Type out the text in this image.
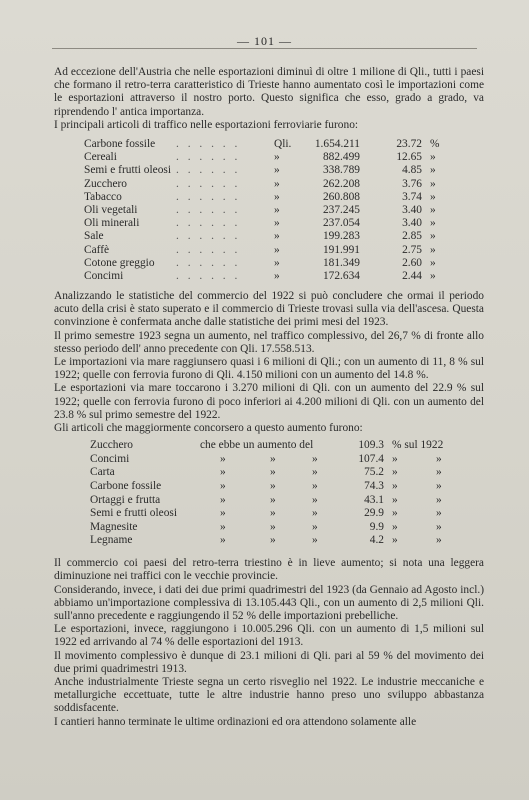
— 101 —

Ad eccezione dell'Austria che nelle esportazioni diminuì di oltre 1 milione di Qli., tutti i paesi che formano il retro-terra caratteristico di Trieste hanno aumentato così le importazioni come le esportazioni attraverso il nostro porto. Questo significa che esso, grado a grado, va riprendendo l' antica importanza.

I principali articoli di traffico nelle esportazioni ferroviarie furono:

Carbone fossile . . . . . .	Qli.	1.654.211	23.72 %
Cereali	. . . . . .	»	882.499	12.65 »
Semi e frutti oleosi . . . . . .	»	338.789	4.85 »
Zucchero	. . . . . .	»	262.208	3.76 »
Tabacco	. . . . . .	»	260.808	3.74 »
Oli vegetali	. . . . . .	»	237.245	3.40 »
Oli minerali	. . . . . .	»	237.054	3.40 »
Sale	. . . . . .	»	199.283	2.85 »
Caffè	. . . . . .	»	191.991	2.75 »
Cotone greggio . . . . . .	»	181.349	2.60 »
Concimi	. . . . . .	»	172.634	2.44 »

Analizzando le statistiche del commercio del 1922 si può concludere che ormai il periodo acuto della crisi è stato superato e il commercio di Trieste trovasi sulla via dell'ascesa. Questa convinzione è confermata anche dalle statistiche dei primi mesi del 1923.

Il primo semestre 1923 segna un aumento, nel traffico complessivo, del 26,7 % di fronte allo stesso periodo dell' anno precedente con Qli. 17.558.513.

Le importazioni via mare raggiunsero quasi i 6 milioni di Qli.; con un aumento di 11, 8 % sul 1922; quelle con ferrovia furono di Qli. 4.150 milioni con un aumento del 14.8 %.

Le esportazioni via mare toccarono i 3.270 milioni di Qli. con un aumento del 22.9 % sul 1922; quelle con ferrovia furono di poco inferiori ai 4.200 milioni di Qli. con un aumento del 23.8 % sul primo semestre del 1922.

Gli articoli che maggiormente concorsero a questo aumento furono:

Zucchero	che ebbe un aumento del	109.3 % sul 1922
Concimi	»	»	»	107.4 »	»
Carta	»	»	»	75.2 »	»
Carbone fossile	»	»	»	74.3 »	»
Ortaggi e frutta	»	»	»	43.1 »	»
Semi e frutti oleosi	»	»	»	29.9 »	»
Magnesite	»	»	»	9.9 »	»
Legname	»	»	»	4.2 »	»

Il commercio coi paesi del retro-terra triestino è in lieve aumento; si nota una leggera diminuzione nei traffici con le vecchie provincie.

Considerando, invece, i dati dei due primi quadrimestri del 1923 (da Gennaio ad Agosto incl.) abbiamo un'importazione complessiva di 13.105.443 Qli., con un aumento di 2,5 milioni Qli. sull'anno precedente e raggiungendo il 52 % delle importazioni prebelliche.

Le esportazioni, invece, raggiungono i 10.005.296 Qli. con un aumento di 1,5 milioni sul 1922 ed arrivando al 74 % delle esportazioni del 1913.

Il movimento complessivo è dunque di 23.1 milioni di Qli. pari al 59 % del movimento dei due primi quadrimestri 1913.

Anche industrialmente Trieste segna un certo risveglio nel 1922. Le industrie meccaniche e metallurgiche eccettuate, tutte le altre industrie hanno preso uno sviluppo abbastanza soddisfacente.

I cantieri hanno terminate le ultime ordinazioni ed ora attendono solamente alle
